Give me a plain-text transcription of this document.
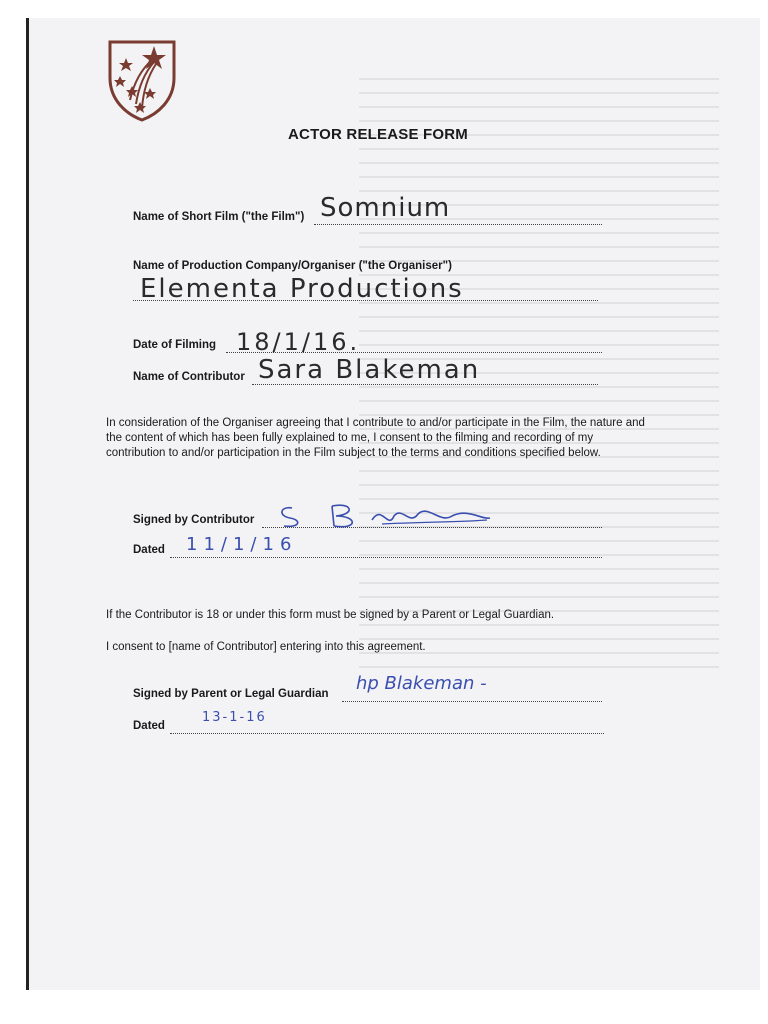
ACTOR RELEASE FORM
Name of Short Film ("the Film") Somnium
Name of Production Company/Organiser ("the Organiser")
Elementa Productions
Date of Filming 18/1/16.
Name of Contributor Sara Blakeman
In consideration of the Organiser agreeing that I contribute to and/or participate in the Film, the nature and the content of which has been fully explained to me, I consent to the filming and recording of my contribution to and/or participation in the Film subject to the terms and conditions specified below.
Signed by Contributor
Dated 11/1/16
If the Contributor is 18 or under this form must be signed by a Parent or Legal Guardian.
I consent to [name of Contributor] entering into this agreement.
Signed by Parent or Legal Guardian hp Blakeman -
Dated
13-1-16
